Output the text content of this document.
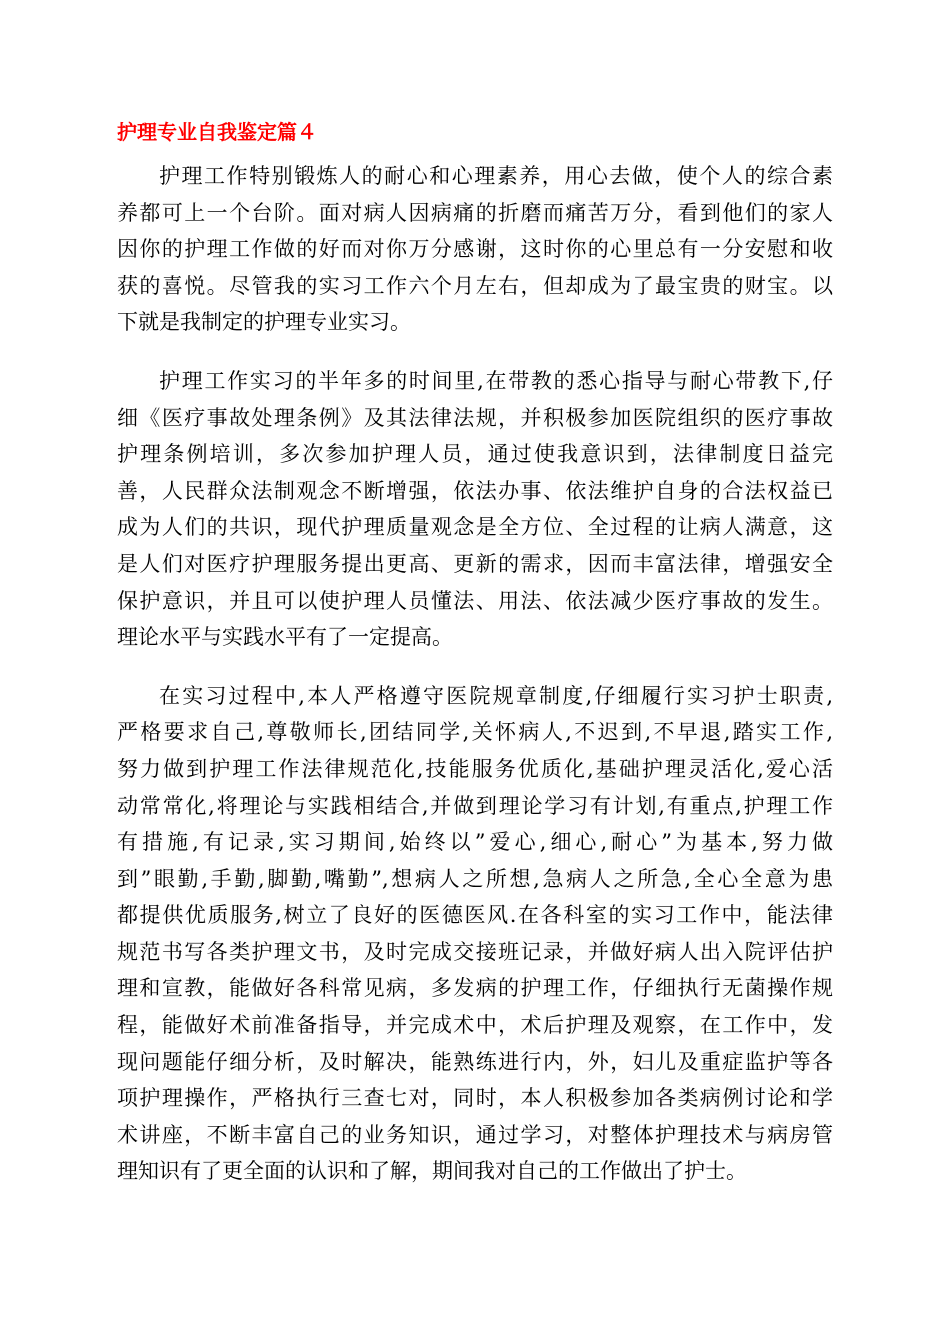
护理专业自我鉴定篇４
护理工作特别锻炼人的耐心和心理素养，用心去做，使个人的综合素
养都可上一个台阶。面对病人因病痛的折磨而痛苦万分，看到他们的家人
因你的护理工作做的好而对你万分感谢，这时你的心里总有一分安慰和收
获的喜悦。尽管我的实习工作六个月左右，但却成为了最宝贵的财宝。以
下就是我制定的护理专业实习。
护理工作实习的半年多的时间里,在带教的悉心指导与耐心带教下,仔
细《医疗事故处理条例》及其法律法规，并积极参加医院组织的医疗事故
护理条例培训，多次参加护理人员，通过使我意识到，法律制度日益完
善，人民群众法制观念不断增强，依法办事、依法维护自身的合法权益已
成为人们的共识，现代护理质量观念是全方位、全过程的让病人满意，这
是人们对医疗护理服务提出更高、更新的需求，因而丰富法律，增强安全
保护意识，并且可以使护理人员懂法、用法、依法减少医疗事故的发生。
理论水平与实践水平有了一定提高。
在实习过程中,本人严格遵守医院规章制度,仔细履行实习护士职责,
严格要求自己,尊敬师长,团结同学,关怀病人,不迟到,不早退,踏实工作,
努力做到护理工作法律规范化,技能服务优质化,基础护理灵活化,爱心活
动常常化,将理论与实践相结合,并做到理论学习有计划,有重点,护理工作
有措施,有记录,实习期间,始终以”爱心,细心,耐心”为基本,努力做
到”眼勤,手勤,脚勤,嘴勤”,想病人之所想,急病人之所急,全心全意为患
都提供优质服务,树立了良好的医德医风.在各科室的实习工作中，能法律
规范书写各类护理文书，及时完成交接班记录，并做好病人出入院评估护
理和宣教，能做好各科常见病，多发病的护理工作，仔细执行无菌操作规
程，能做好术前准备指导，并完成术中，术后护理及观察，在工作中，发
现问题能仔细分析，及时解决，能熟练进行内，外，妇儿及重症监护等各
项护理操作，严格执行三查七对，同时，本人积极参加各类病例讨论和学
术讲座，不断丰富自己的业务知识，通过学习，对整体护理技术与病房管
理知识有了更全面的认识和了解，期间我对自己的工作做出了护士。
